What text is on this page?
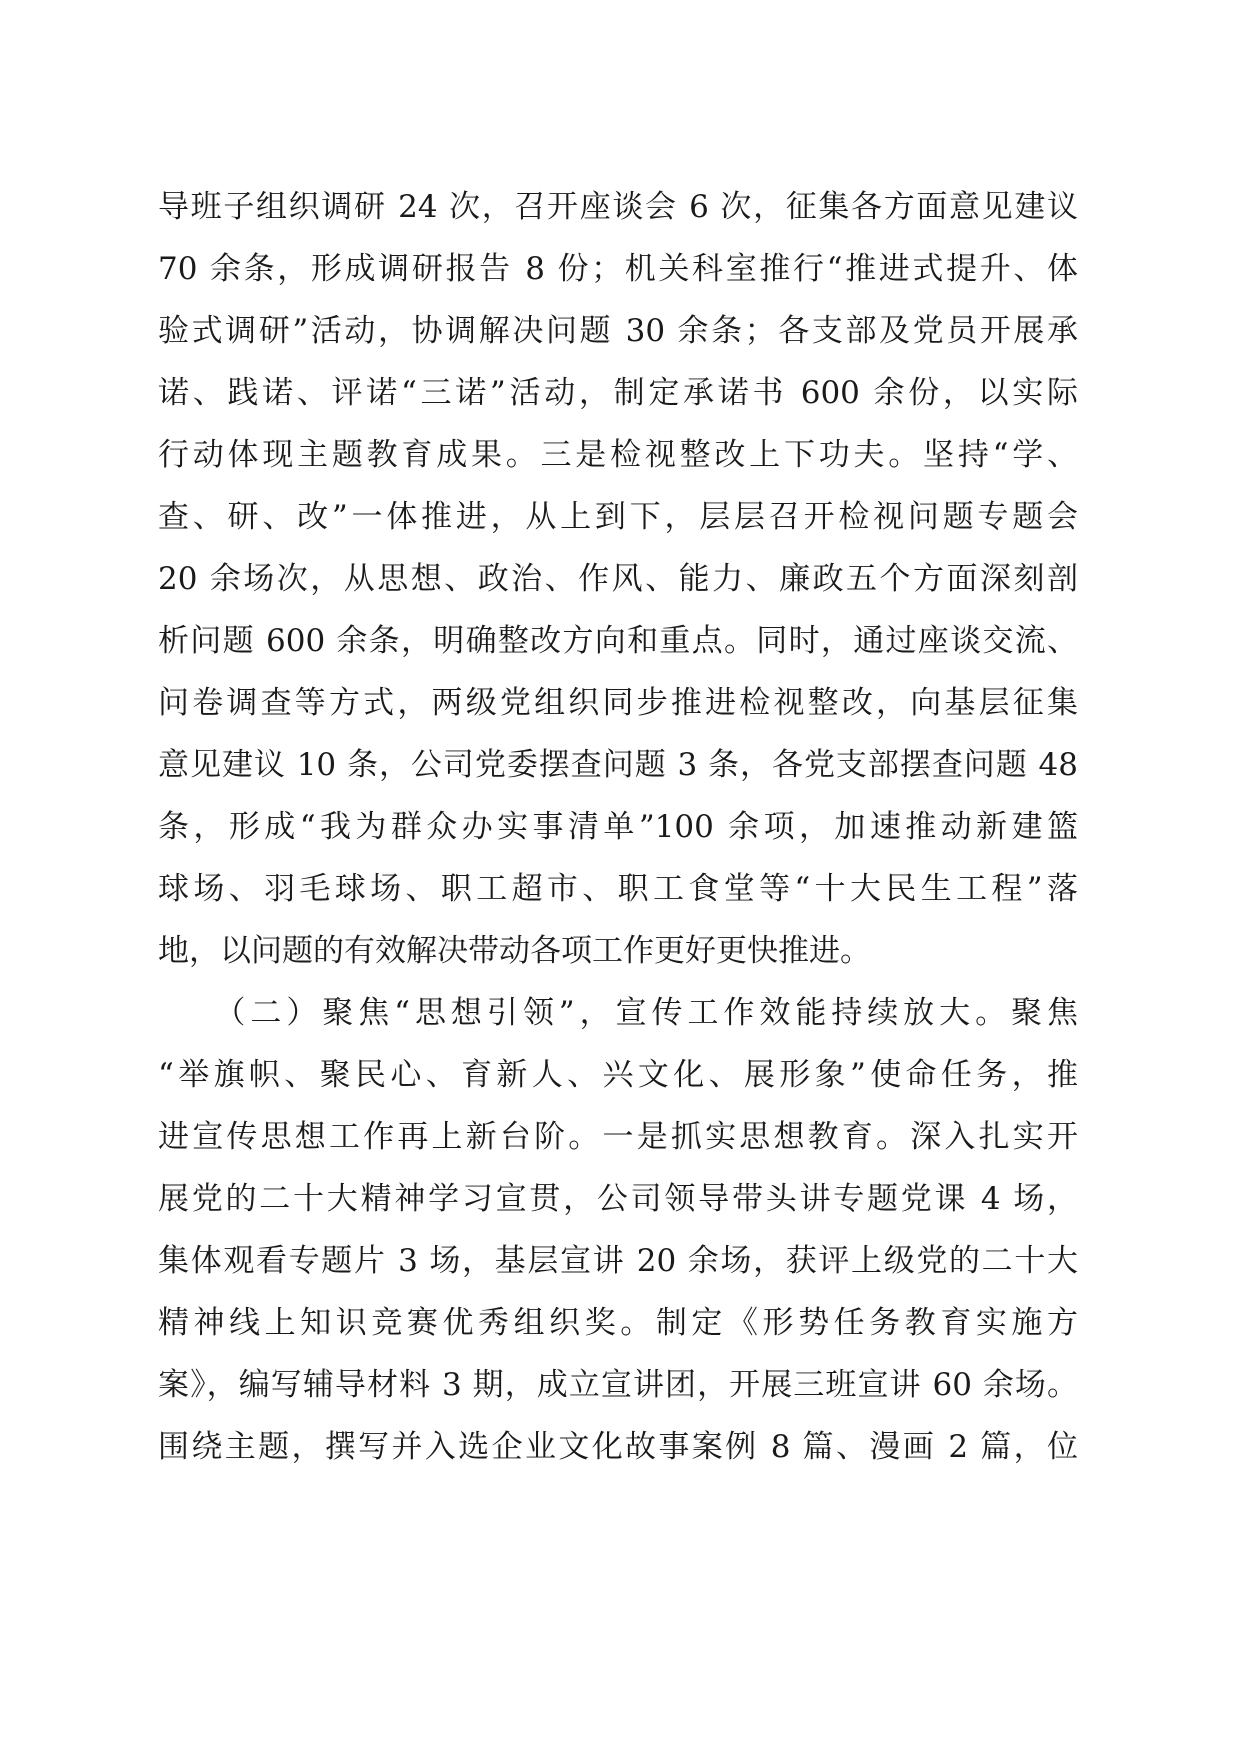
导班子组织调研 24 次，召开座谈会 6 次，征集各方面意见建议
70 余条，形成调研报告 8 份；机关科室推行“推进式提升、体
验式调研”活动，协调解决问题 30 余条；各支部及党员开展承
诺、践诺、评诺“三诺”活动，制定承诺书 600 余份，以实际
行动体现主题教育成果。三是检视整改上下功夫。坚持“学、
查、研、改”一体推进，从上到下，层层召开检视问题专题会
20 余场次，从思想、政治、作风、能力、廉政五个方面深刻剖
析问题 600 余条，明确整改方向和重点。同时，通过座谈交流、
问卷调查等方式，两级党组织同步推进检视整改，向基层征集
意见建议 10 条，公司党委摆查问题 3 条，各党支部摆查问题 48
条，形成“我为群众办实事清单”100 余项，加速推动新建篮
球场、羽毛球场、职工超市、职工食堂等“十大民生工程”落
地，以问题的有效解决带动各项工作更好更快推进。
　　（二）聚焦“思想引领”，宣传工作效能持续放大。聚焦
“举旗帜、聚民心、育新人、兴文化、展形象”使命任务，推
进宣传思想工作再上新台阶。一是抓实思想教育。深入扎实开
展党的二十大精神学习宣贯，公司领导带头讲专题党课 4 场，
集体观看专题片 3 场，基层宣讲 20 余场，获评上级党的二十大
精神线上知识竞赛优秀组织奖。制定《形势任务教育实施方
案》，编写辅导材料 3 期，成立宣讲团，开展三班宣讲 60 余场。
围绕主题，撰写并入选企业文化故事案例 8 篇、漫画 2 篇，位
